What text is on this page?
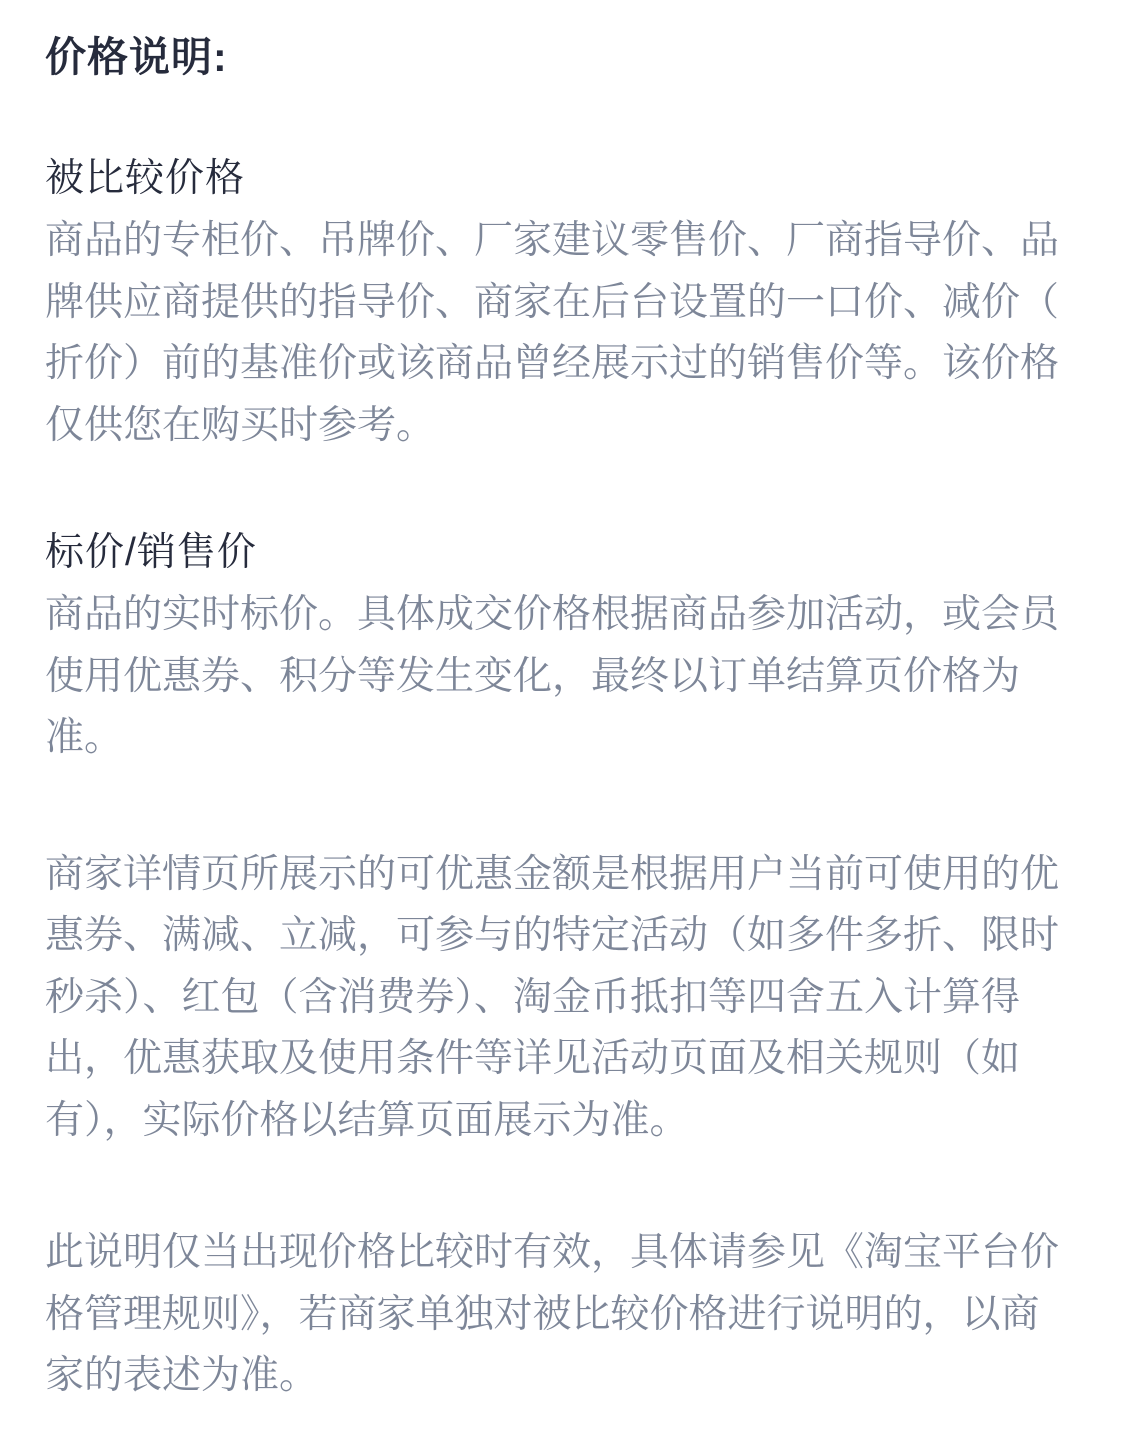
价格说明:
被比较价格

商品的专柜价、吊牌价、厂家建议零售价、厂商指导价、品
牌供应商提供的指导价、商家在后台设置的一口价、减价（
折价）前的基准价或该商品曾经展示过的销售价等。该价格
仅供您在购买时参考。

标价/销售价

商品的实时标价。具体成交价格根据商品参加活动，或会员
使用优惠券、积分等发生变化，最终以订单结算页价格为
准。

商家详情页所展示的可优惠金额是根据用户当前可使用的优
惠券、满减、立减，可参与的特定活动（如多件多折、限时
秒杀）、红包（含消费券）、淘金币抵扣等四舍五入计算得
出，优惠获取及使用条件等详见活动页面及相关规则（如
有），实际价格以结算页面展示为准。

此说明仅当出现价格比较时有效，具体请参见《淘宝平台价
格管理规则》，若商家单独对被比较价格进行说明的，以商
家的表述为准。
